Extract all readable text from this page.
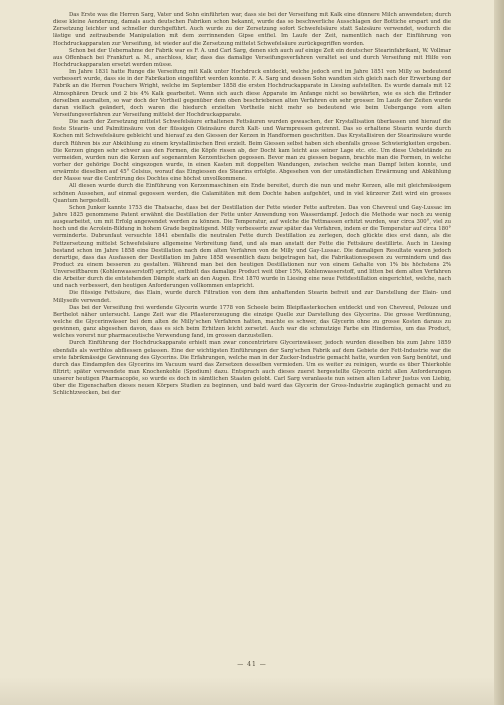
Das Erste was die Herren Sarg, Vater und Sohn einführten war, dass sie bei der Verseifung mit Kalk eine dünnere Milch anwendeten; durch diese kleine Aenderung, damals auch deutschen Fabriken schon bekannt, wurde das so beschwerliche Ausschlagen der Bottiche erspart und die Zersetzung leichter und schneller durchgeführt. Auch wurde zu der Zersetzung sofort Schwefelsäure statt Salzsäure verwendet, wodurch die lästige und zeitraubende Manipulation mit dem zerrinnenden Gipse entfiel. Im Laufe der Zeit, namentlich nach der Einführung von Hochdruckapparaten zur Verseifung, ist wieder auf die Zersetzung mittelst Schwefelsäure zurückgegriffen worden.

Schon bei der Uebernahme der Fabrik war es F. A. und Carl Sarg, denen sich auch auf einige Zeit ein deutscher Stearinfabrikant, W. Vollmar aus Offenbach bei Frankfurt a. M., anschloss, klar, dass das damalige Verseifungsverfahren veraltet sei und durch Verseifung mit Hilfe von Hochdruckapparaten ersetzt werden müsse.

Im Jahre 1831 hatte Runge die Verseifung mit Kalk unter Hochdruck entdeckt, welche jedoch erst im Jahre 1851 von Milly so bedeutend verbessert wurde, dass sie in der Fabrikation eingeführt werden konnte. F. A. Sarg und dessen Sohn wandten sich gleich nach der Erwerbung der Fabrik an die Herren Fouchers Wright, welche im September 1858 die ersten Hochdruckapparate in Liesing aufstellten. Es wurde damals mit 12 Atmosphären Druck und 2 bis 4% Kalk gearbeitet. Wenn sich auch diese Apparate im Anfange nicht so bewährten, wie es sich die Erfinder derselben ausmalten, so war doch der Vortheil gegenüber dem oben beschriebenen alten Verfahren ein sehr grosser. Im Laufe der Zeiten wurde daran vielfach geändert, doch waren die hiedurch erzielten Vortheile nicht mehr so bedeutend wie beim Uebergange vom alten Verseifungsverfahren zur Verseifung mittelst der Hochdruckapparate.

Die nach der Zersetzung mittelst Schwefelsäure erhaltenen Fettsäuren wurden gewaschen, der Krystallisation überlassen und hierauf die feste Stearin- und Palmitinsäure von der flüssigen Oleinsäure durch Kalt- und Warmpressen getrennt. Das so erhaltene Stearin wurde durch Kochen mit Schwefelsäure gebleicht und hierauf zu den Giessen der Kerzen in Handformen geschritten. Das Krystallisiren der Stearinsäure wurde durch Rühren bis zur Abkühlung zu einem krystallinischen Brei erzielt. Beim Giessen selbst haben sich ebenfalls grosse Schwierigkeiten ergeben. Die Kerzen gingen sehr schwer aus den Formen, die Köpfe rissen ab, der Docht kam leicht aus seiner Lage etc. etc. Um diese Uebelstände zu vermeiden, wurden nun die Kerzen auf sogenannten Kerzentischen gegossen. Bevor man zu giessen begann, brachte man die Formen, in welche vorher der gehörige Docht eingezogen wurde, in einen Kasten mit doppelten Wandungen, zwischen welche man Dampf leiten konnte, und erwärmte dieselben auf 45° Celsius, worauf das Eingiessen des Stearins erfolgte. Abgesehen von der umständlichen Erwärmung und Abkühlung der Masse war die Centrirung des Dochtes eine höchst unvollkommene.

All diesen wurde durch die Einführung von Kerzenmaschinen ein Ende bereitet, durch die nun und mehr Kerzen, alle mit gleichmässigem schönen Aussehen, auf einmal gegossen werden, die Calamitäten mit dem Dochte haben aufgehört, und in viel kürzerer Zeit wird ein grosses Quantum hergestellt.

Schon Junker kannte 1753 die Thatsache, dass bei der Destillation der Fette wieder Fette auftreten. Das von Chevreul und Gay-Lussac im Jahre 1825 genommene Patent erwähnt die Destillation der Fette unter Anwendung von Wasserdampf. Jedoch die Methode war noch zu wenig ausgearbeitet, um mit Erfolg angewendet werden zu können. Die Temperatur, auf welche die Fettmassen erhitzt wurden, war circa 300°, viel zu hoch und die Acrolein-Bildung in hohem Grade begünstigend. Milly verbesserte zwar später das Verfahren, indem er die Temperatur auf circa 180° verminderte. Dubrunfaut versuchte 1841 ebenfalls die neutralen Fette durch Destillation zu zerlegen, doch glückte dies erst dann, als die Fettzersetzung mittelst Schwefelsäure allgemeine Verbreitung fand, und als man anstatt der Fette die Fettsäure destillirte. Auch in Liesing bestand schon im Jahre 1858 eine Destillation nach dem alten Verfahren von de Milly und Gay-Lussac. Die damaligen Resultate waren jedoch derartige, dass das Ausfassen der Destillation im Jahre 1858 wesentlich dazu beigetragen hat, die Fabrikationsspesen zu vermindern und das Product zu einem besseren zu gestalten. Während man bei den heutigen Destillationen nur von einem Gehalte von 1% bis höchstens 2% Unverseiftbarem (Kohlenwasserstoff) spricht, enthielt das damalige Product weit über 15%, Kohlenwasserstoff, und litten bei dem alten Verfahren die Arbeiter durch die entstehenden Dämpfe stark an den Augen. Erst 1870 wurde in Liesing eine neue Fettdestillation eingerichtet, welche, nach und nach verbessert, den heutigen Anforderungen vollkommen entspricht.

Die flüssige Fettsäure, das Elain, wurde durch Filtration von dem ihm anhaftenden Stearin befreit und zur Darstellung der Elain- und Millyseife verwendet.

Das bei der Verseifung frei werdende Glycerin wurde 1778 von Scheele beim Bleipflasterkochen entdeckt und von Chevreul, Pelouze und Berthelot näher untersucht. Lange Zeit war die Pflastererzeugung die einzige Quelle zur Darstellung des Glycerins. Die grosse Verdünnung, welche die Glycerinwässer bei dem alten de Milly'schen Verfahren hatten, machte es schwer, das Glycerin ohne zu grosse Kosten daraus zu gewinnen, ganz abgesehen davon, dass es sich beim Erhitzen leicht zersetzt. Auch war die schmutzige Farbe ein Hinderniss, um das Product, welches vorerst nur pharmaceutische Verwendung fand, im grossen darzustellen.

Durch Einführung der Hochdruckapparate erhielt man zwar concentrirtere Glycerinwässer, jedoch wurden dieselben bis zum Jahre 1859 ebenfalls als werthlos abfliessen gelassen. Eine der wichtigsten Einführungen der Sarg'schen Fabrik auf dem Gebiete der Fett-Industrie war die erste fabrikmässige Gewinnung des Glycerins. Die Erfahrungen, welche man in der Zucker-Industrie gemacht hatte, wurden von Sarg benützt, und durch das Eindampfen des Glycerins im Vacuum ward das Zersetzen desselben vermieden. Um es weiter zu reinigen, wurde es über Thierkohle filtrirt; später verwendete man Knochenkohle (Spodium) dazu. Entsprach auch dieses zuerst hergestellte Glycerin nicht allen Anforderungen unserer heutigen Pharmacopöe, so wurde es doch in sämtlichen Staaten gelobt. Carl Sarg veranlasste nun seinen alten Lehrer Justus von Liebig, über die Eigenschaften dieses neuen Körpers Studien zu beginnen, und bald ward das Glycerin der Gross-Industrie zugänglich gemacht und zu Schlichtzwecken, bei der

— 41 —
